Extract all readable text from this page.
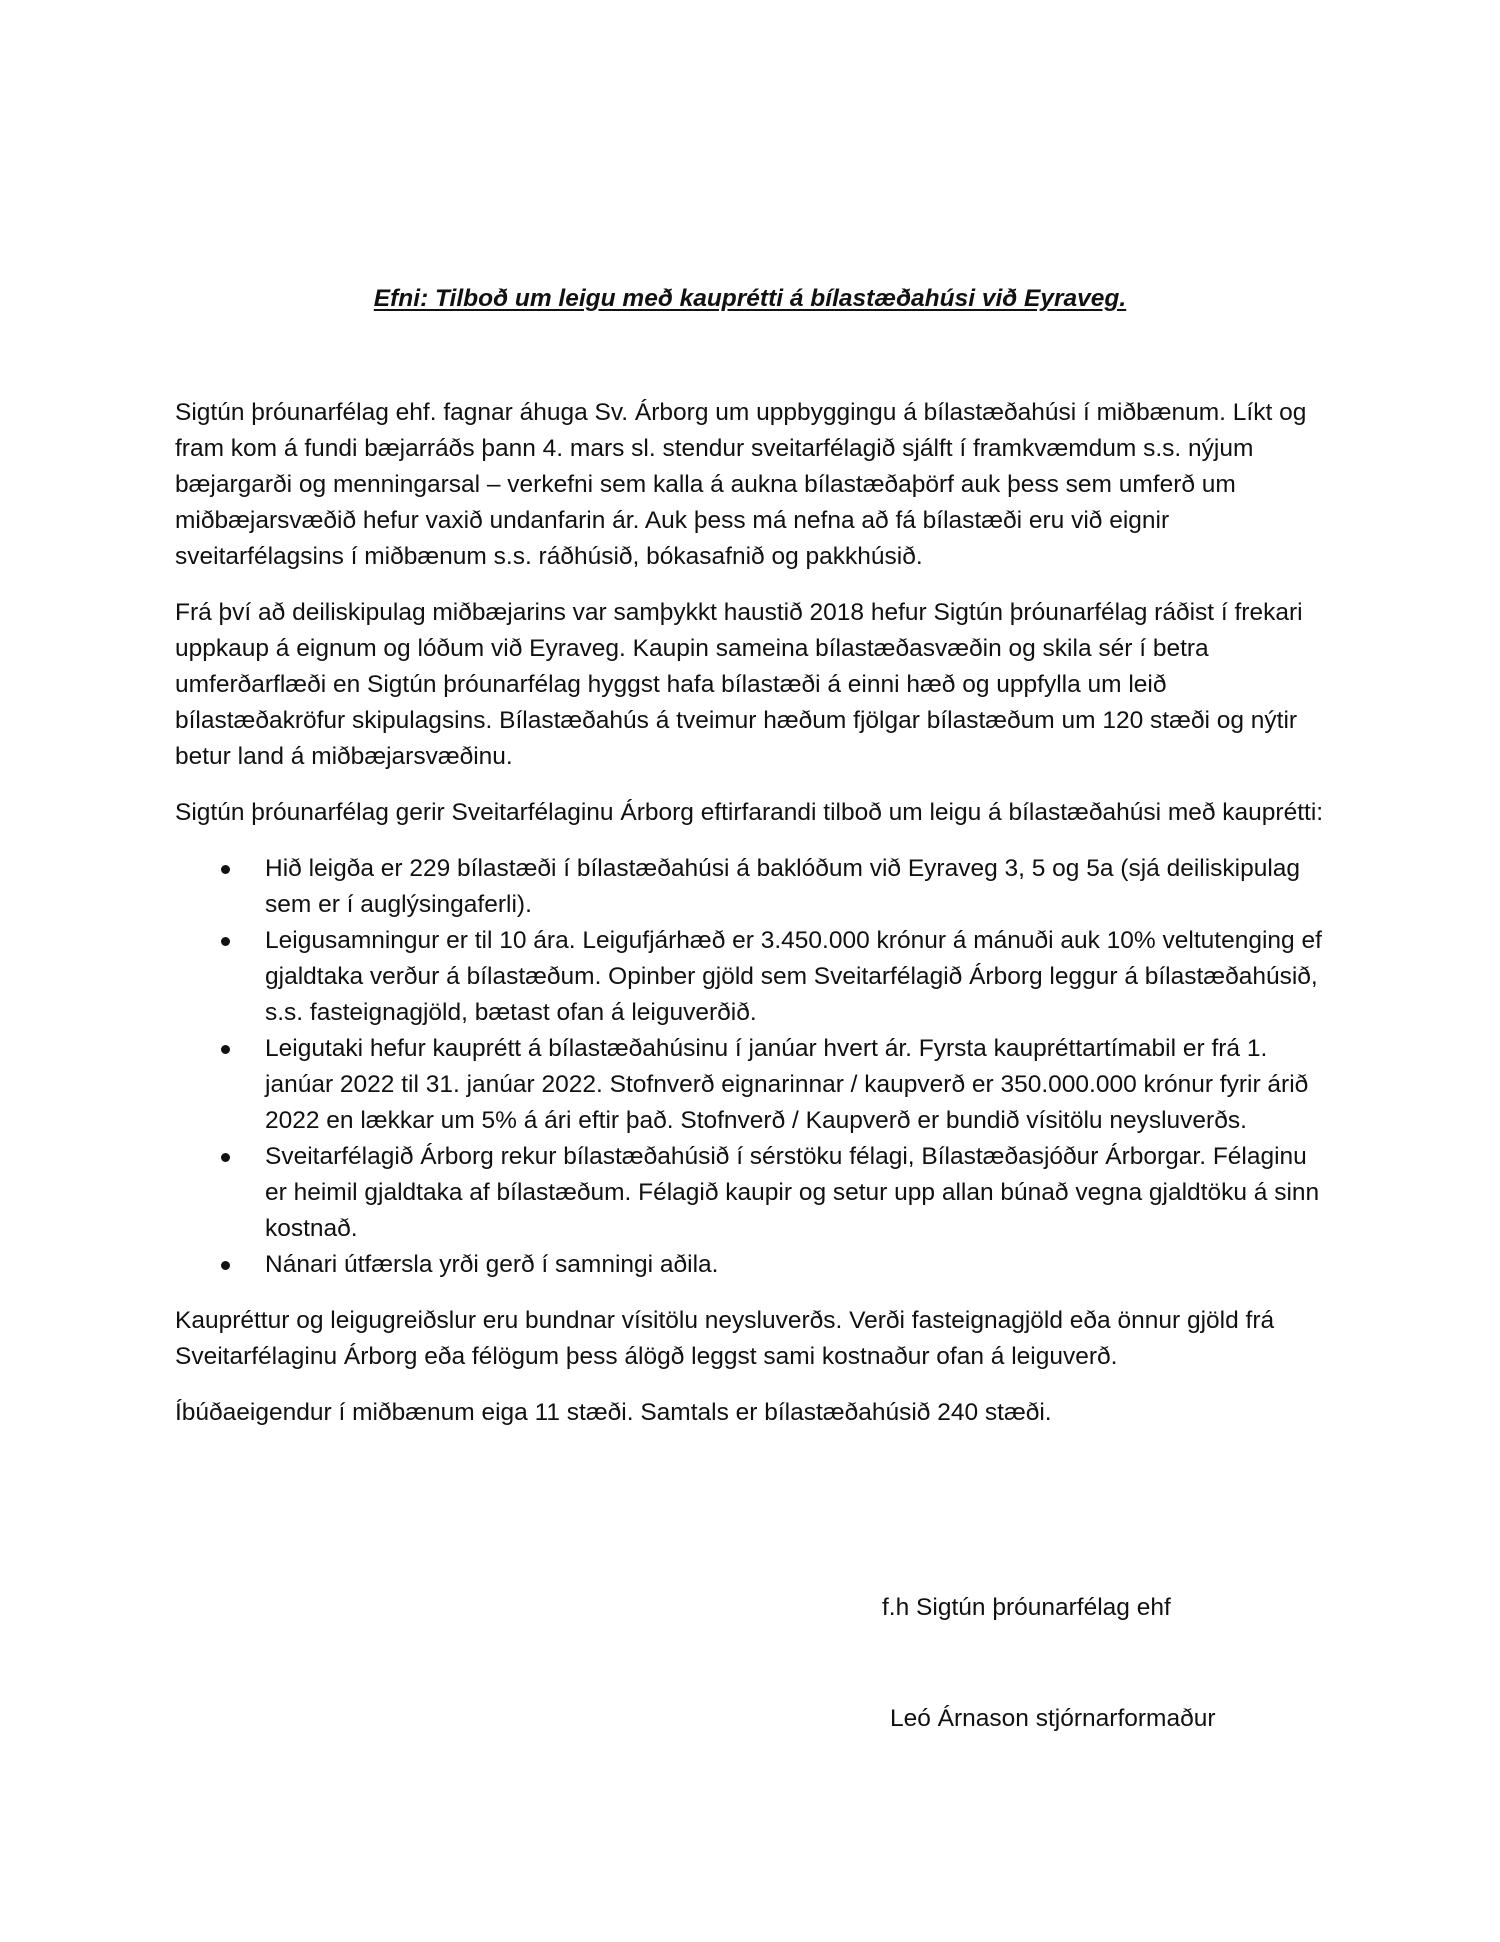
Efni: Tilboð um leigu með kauprétti á bílastæðahúsi við Eyraveg.

Sigtún þróunarfélag ehf. fagnar áhuga Sv. Árborg um uppbyggingu á bílastæðahúsi í miðbænum. Líkt og fram kom á fundi bæjarráðs þann 4. mars sl. stendur sveitarfélagið sjálft í framkvæmdum s.s. nýjum bæjargarði og menningarsal – verkefni sem kalla á aukna bílastæðaþörf auk þess sem umferð um miðbæjarsvæðið hefur vaxið undanfarin ár. Auk þess má nefna að fá bílastæði eru við eignir sveitarfélagsins í miðbænum s.s. ráðhúsið, bókasafnið og pakkhúsið.

Frá því að deiliskipulag miðbæjarins var samþykkt haustið 2018 hefur Sigtún þróunarfélag ráðist í frekari uppkaup á eignum og lóðum við Eyraveg. Kaupin sameina bílastæðasvæðin og skila sér í betra umferðarflæði en Sigtún þróunarfélag hyggst hafa bílastæði á einni hæð og uppfylla um leið bílastæðakröfur skipulagsins. Bílastæðahús á tveimur hæðum fjölgar bílastæðum um 120 stæði og nýtir betur land á miðbæjarsvæðinu.

Sigtún þróunarfélag gerir Sveitarfélaginu Árborg eftirfarandi tilboð um leigu á bílastæðahúsi með kauprétti:

Hið leigða er 229 bílastæði í bílastæðahúsi á baklóðum við Eyraveg 3, 5 og 5a (sjá deiliskipulag sem er í auglýsingaferli).
Leigusamningur er til 10 ára. Leigufjárhæð er 3.450.000 krónur á mánuði auk 10% veltutenging ef gjaldtaka verður á bílastæðum. Opinber gjöld sem Sveitarfélagið Árborg leggur á bílastæðahúsið, s.s. fasteignagjöld, bætast ofan á leiguverðið.
Leigutaki hefur kauprétt á bílastæðahúsinu í janúar hvert ár. Fyrsta kaupréttartímabil er frá 1. janúar 2022 til 31. janúar 2022. Stofnverð eignarinnar / kaupverð er 350.000.000 krónur fyrir árið 2022 en lækkar um 5% á ári eftir það. Stofnverð / Kaupverð er bundið vísitölu neysluverðs.
Sveitarfélagið Árborg rekur bílastæðahúsið í sérstöku félagi, Bílastæðasjóður Árborgar. Félaginu er heimil gjaldtaka af bílastæðum. Félagið kaupir og setur upp allan búnað vegna gjaldtöku á sinn kostnað.
Nánari útfærsla yrði gerð í samningi aðila.

Kaupréttur og leigugreiðslur eru bundnar vísitölu neysluverðs. Verði fasteignagjöld eða önnur gjöld frá Sveitarfélaginu Árborg eða félögum þess álögð leggst sami kostnaður ofan á leiguverð.

Íbúðaeigendur í miðbænum eiga 11 stæði. Samtals er bílastæðahúsið 240 stæði.

f.h Sigtún þróunarfélag ehf

Leó Árnason stjórnarformaður
